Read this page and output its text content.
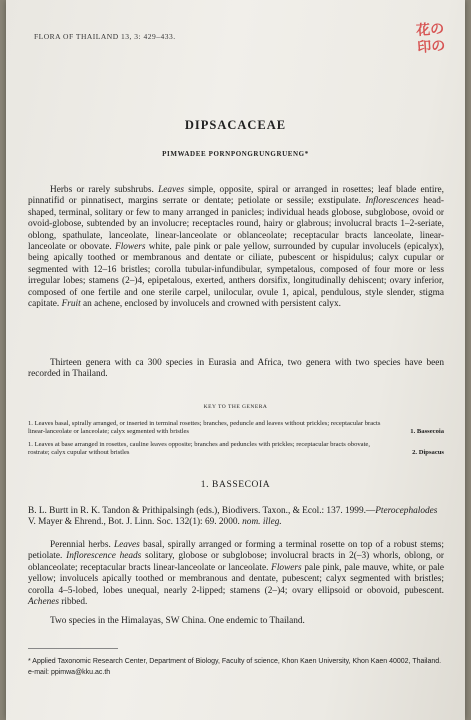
FLORA OF THAILAND 13, 3: 429–433.	花の
印の
DIPSACACEAE
PIMWADEE PORNPONGRUNGRUENG*

Herbs or rarely subshrubs. Leaves simple, opposite, spiral or arranged in rosettes; leaf blade entire, pinnatifid or pinnatisect, margins serrate or dentate; petiolate or sessile; exstipulate. Inflorescences head-shaped, terminal, solitary or few to many arranged in panicles; individual heads globose, subglobose, ovoid or ovoid-globose, subtended by an involucre; receptacles round, hairy or glabrous; involucral bracts 1–2-seriate, oblong, spathulate, lanceolate, linear-lanceolate or oblanceolate; receptacular bracts lanceolate, linear-lanceolate or obovate. Flowers white, pale pink or pale yellow, surrounded by cupular involucels (epicalyx), being apically toothed or membranous and dentate or ciliate, pubescent or hispidulus; calyx cupular or segmented with 12–16 bristles; corolla tubular-infundibular, sympetalous, composed of four more or less irregular lobes; stamens (2–)4, epipetalous, exerted, anthers dorsifix, longitudinally dehiscent; ovary inferior, composed of one fertile and one sterile carpel, unilocular, ovule 1, apical, pendulous, style slender, stigma capitate. Fruit an achene, enclosed by involucels and crowned with persistent calyx.

Thirteen genera with ca 300 species in Eurasia and Africa, two genera with two species have been recorded in Thailand.

KEY TO THE GENERA
1. Leaves basal, spirally arranged, or inserted in terminal rosettes; branches, peduncle and leaves without prickles; receptacular bracts linear-lanceolate or lanceolate; calyx segmented with bristles	1. Bassecoia
1. Leaves at base arranged in rosettes, cauline leaves opposite; branches and peduncles with prickles; receptacular bracts obovate, rostrate; calyx cupular without bristles	2. Dipsacus
1. BASSECOIA

B. L. Burtt in R. K. Tandon & Prithipalsingh (eds.), Biodivers. Taxon., & Ecol.: 137. 1999.—Pterocephalodes V. Mayer & Ehrend., Bot. J. Linn. Soc. 132(1): 69. 2000. nom. illeg.

Perennial herbs. Leaves basal, spirally arranged or forming a terminal rosette on top of a robust stems; petiolate. Inflorescence heads solitary, globose or subglobose; involucral bracts in 2(–3) whorls, oblong, or oblanceolate; receptacular bracts linear-lanceolate or lanceolate. Flowers pale pink, pale mauve, white, or pale yellow; involucels apically toothed or membranous and dentate, pubescent; calyx segmented with bristles; corolla 4–5-lobed, lobes unequal, nearly 2-lipped; stamens (2–)4; ovary ellipsoid or obovoid, pubescent. Achenes ribbed.

Two species in the Himalayas, SW China. One endemic to Thailand.

* Applied Taxonomic Research Center, Department of Biology, Faculty of science, Khon Kaen University, Khon Kaen 40002, Thailand. e-mail: ppimwa@kku.ac.th
